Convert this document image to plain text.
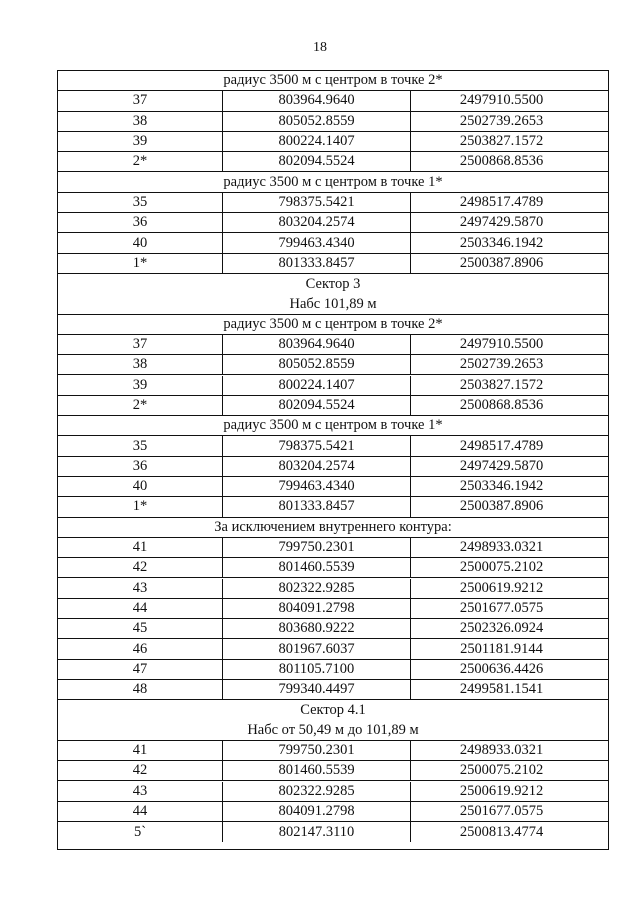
18
радиус 3500 м с центром в точке 2*
37	803964.9640	2497910.5500
38	805052.8559	2502739.2653
39	800224.1407	2503827.1572
2*	802094.5524	2500868.8536
радиус 3500 м с центром в точке 1*
35	798375.5421	2498517.4789
36	803204.2574	2497429.5870
40	799463.4340	2503346.1942
1*	801333.8457	2500387.8906
Сектор 3
Набс 101,89 м
радиус 3500 м с центром в точке 2*
37	803964.9640	2497910.5500
38	805052.8559	2502739.2653
39	800224.1407	2503827.1572
2*	802094.5524	2500868.8536
радиус 3500 м с центром в точке 1*
35	798375.5421	2498517.4789
36	803204.2574	2497429.5870
40	799463.4340	2503346.1942
1*	801333.8457	2500387.8906
За исключением внутреннего контура:
41	799750.2301	2498933.0321
42	801460.5539	2500075.2102
43	802322.9285	2500619.9212
44	804091.2798	2501677.0575
45	803680.9222	2502326.0924
46	801967.6037	2501181.9144
47	801105.7100	2500636.4426
48	799340.4497	2499581.1541
Сектор 4.1
Набс от 50,49 м до 101,89 м
41	799750.2301	2498933.0321
42	801460.5539	2500075.2102
43	802322.9285	2500619.9212
44	804091.2798	2501677.0575
5`	802147.3110	2500813.4774
